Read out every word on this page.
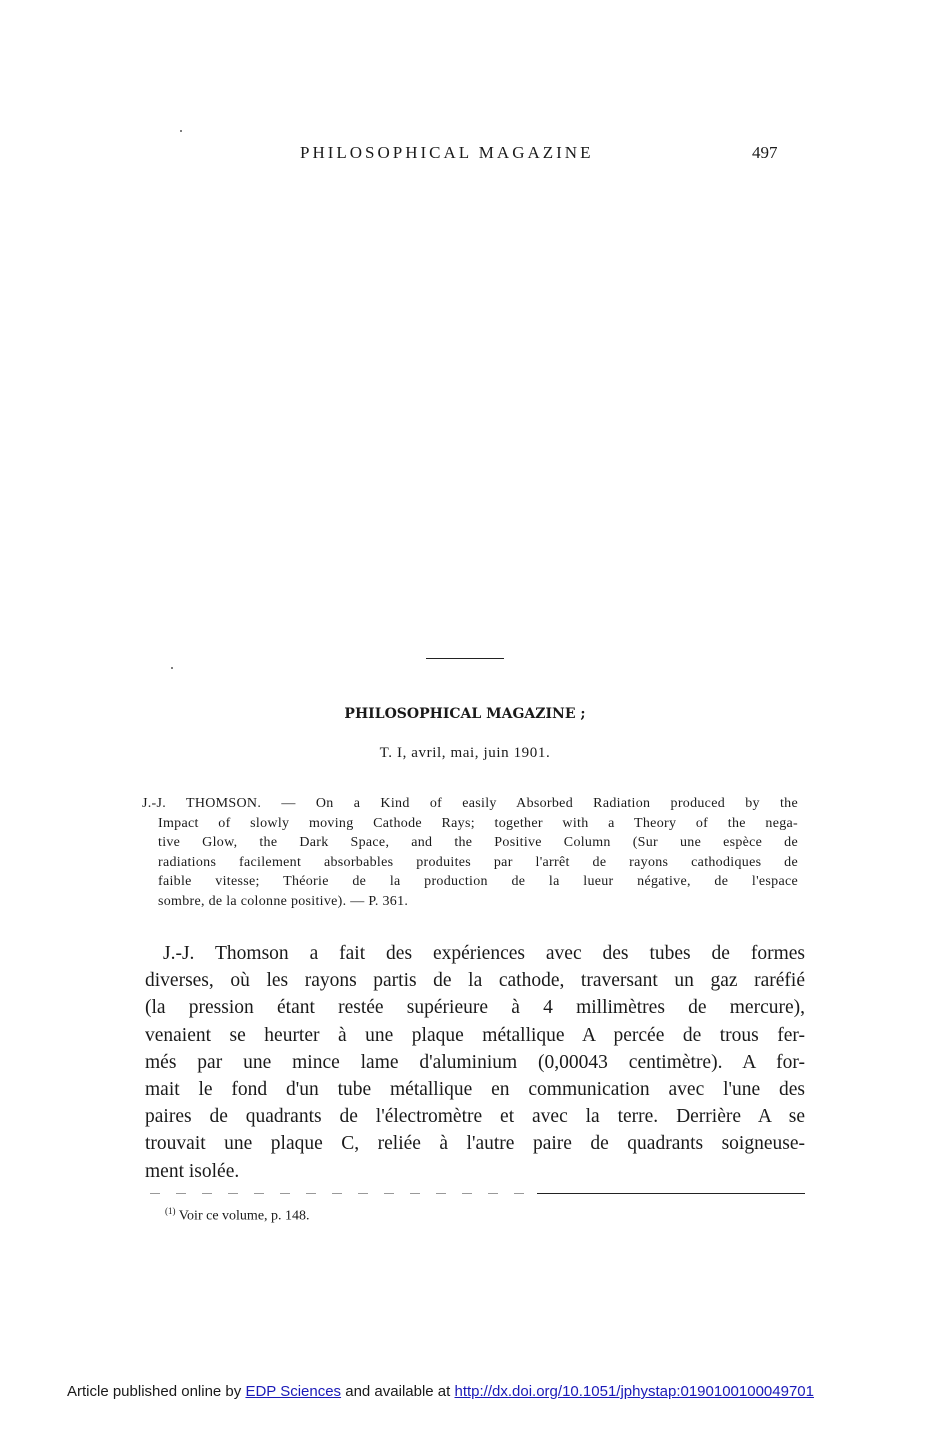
PHILOSOPHICAL MAGAZINE	497
PHILOSOPHICAL MAGAZINE ;
T. I, avril, mai, juin 1901.
J.-J. THOMSON. — On a Kind of easily Absorbed Radiation produced by the
Impact of slowly moving Cathode Rays; together with a Theory of the nega-
tive Glow, the Dark Space, and the Positive Column (Sur une espèce de
radiations facilement absorbables produites par l'arrêt de rayons cathodiques de
faible vitesse; Théorie de la production de la lueur négative, de l'espace
sombre, de la colonne positive). — P. 361.
J.-J. Thomson a fait des expériences avec des tubes de formes
diverses, où les rayons partis de la cathode, traversant un gaz raréfié
(la pression étant restée supérieure à 4 millimètres de mercure),
venaient se heurter à une plaque métallique A percée de trous fer-
més par une mince lame d'aluminium (0,00043 centimètre). A for-
mait le fond d'un tube métallique en communication avec l'une des
paires de quadrants de l'électromètre et avec la terre. Derrière A se
trouvait une plaque C, reliée à l'autre paire de quadrants soigneuse-
ment isolée.
$^{(1)}$ Voir ce volume, p. 148.
Article published online by EDP Sciences and available at http://dx.doi.org/10.1051/jphystap:0190100100049701
